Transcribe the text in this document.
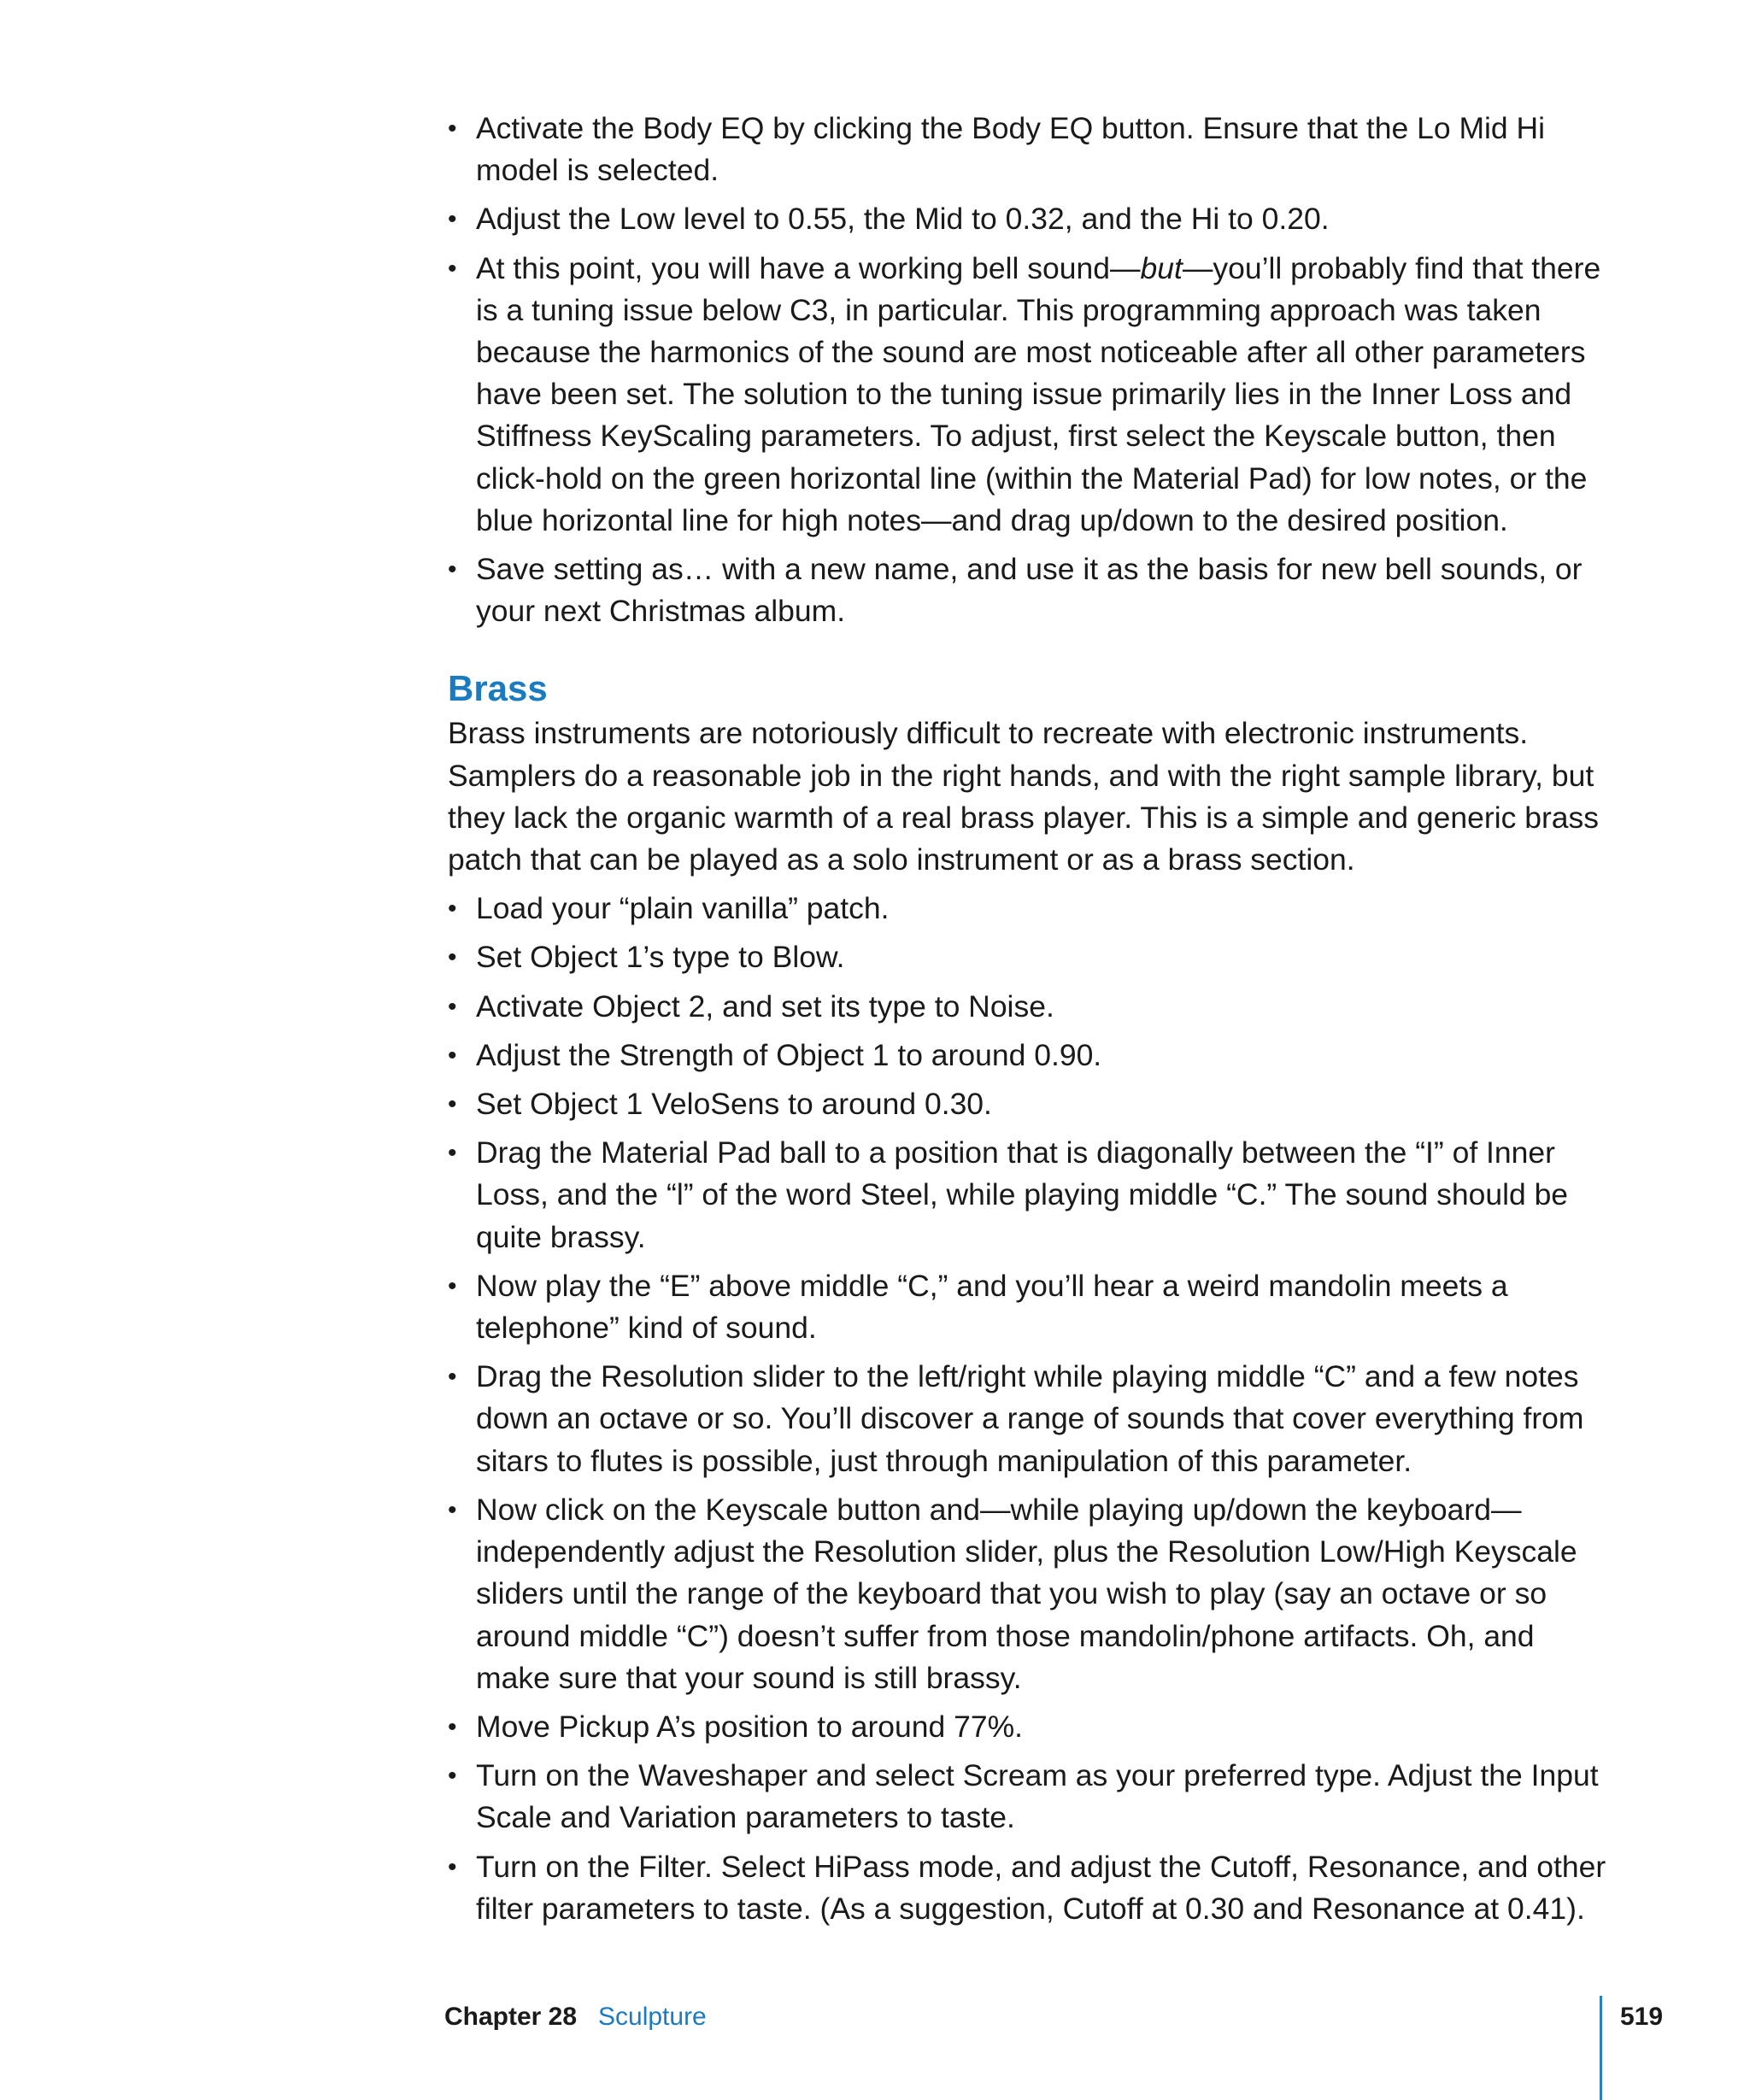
• Activate the Body EQ by clicking the Body EQ button. Ensure that the Lo Mid Hi model is selected.
• Adjust the Low level to 0.55, the Mid to 0.32, and the Hi to 0.20.
• At this point, you will have a working bell sound—but—you’ll probably find that there is a tuning issue below C3, in particular. This programming approach was taken because the harmonics of the sound are most noticeable after all other parameters have been set. The solution to the tuning issue primarily lies in the Inner Loss and Stiffness KeyScaling parameters. To adjust, first select the Keyscale button, then click-hold on the green horizontal line (within the Material Pad) for low notes, or the blue horizontal line for high notes—and drag up/down to the desired position.
• Save setting as… with a new name, and use it as the basis for new bell sounds, or your next Christmas album.
Brass

Brass instruments are notoriously difficult to recreate with electronic instruments. Samplers do a reasonable job in the right hands, and with the right sample library, but they lack the organic warmth of a real brass player. This is a simple and generic brass patch that can be played as a solo instrument or as a brass section.

• Load your “plain vanilla” patch.
• Set Object 1’s type to Blow.
• Activate Object 2, and set its type to Noise.
• Adjust the Strength of Object 1 to around 0.90.
• Set Object 1 VeloSens to around 0.30.
• Drag the Material Pad ball to a position that is diagonally between the “I” of Inner Loss, and the “l” of the word Steel, while playing middle “C.” The sound should be quite brassy.
• Now play the “E” above middle “C,” and you’ll hear a weird mandolin meets a telephone” kind of sound.
• Drag the Resolution slider to the left/right while playing middle “C” and a few notes down an octave or so. You’ll discover a range of sounds that cover everything from sitars to flutes is possible, just through manipulation of this parameter.
• Now click on the Keyscale button and—while playing up/down the keyboard—independently adjust the Resolution slider, plus the Resolution Low/High Keyscale sliders until the range of the keyboard that you wish to play (say an octave or so around middle “C”) doesn’t suffer from those mandolin/phone artifacts. Oh, and make sure that your sound is still brassy.
• Move Pickup A’s position to around 77%.
• Turn on the Waveshaper and select Scream as your preferred type. Adjust the Input Scale and Variation parameters to taste.
• Turn on the Filter. Select HiPass mode, and adjust the Cutoff, Resonance, and other filter parameters to taste. (As a suggestion, Cutoff at 0.30 and Resonance at 0.41).
Chapter 28 Sculpture	519
